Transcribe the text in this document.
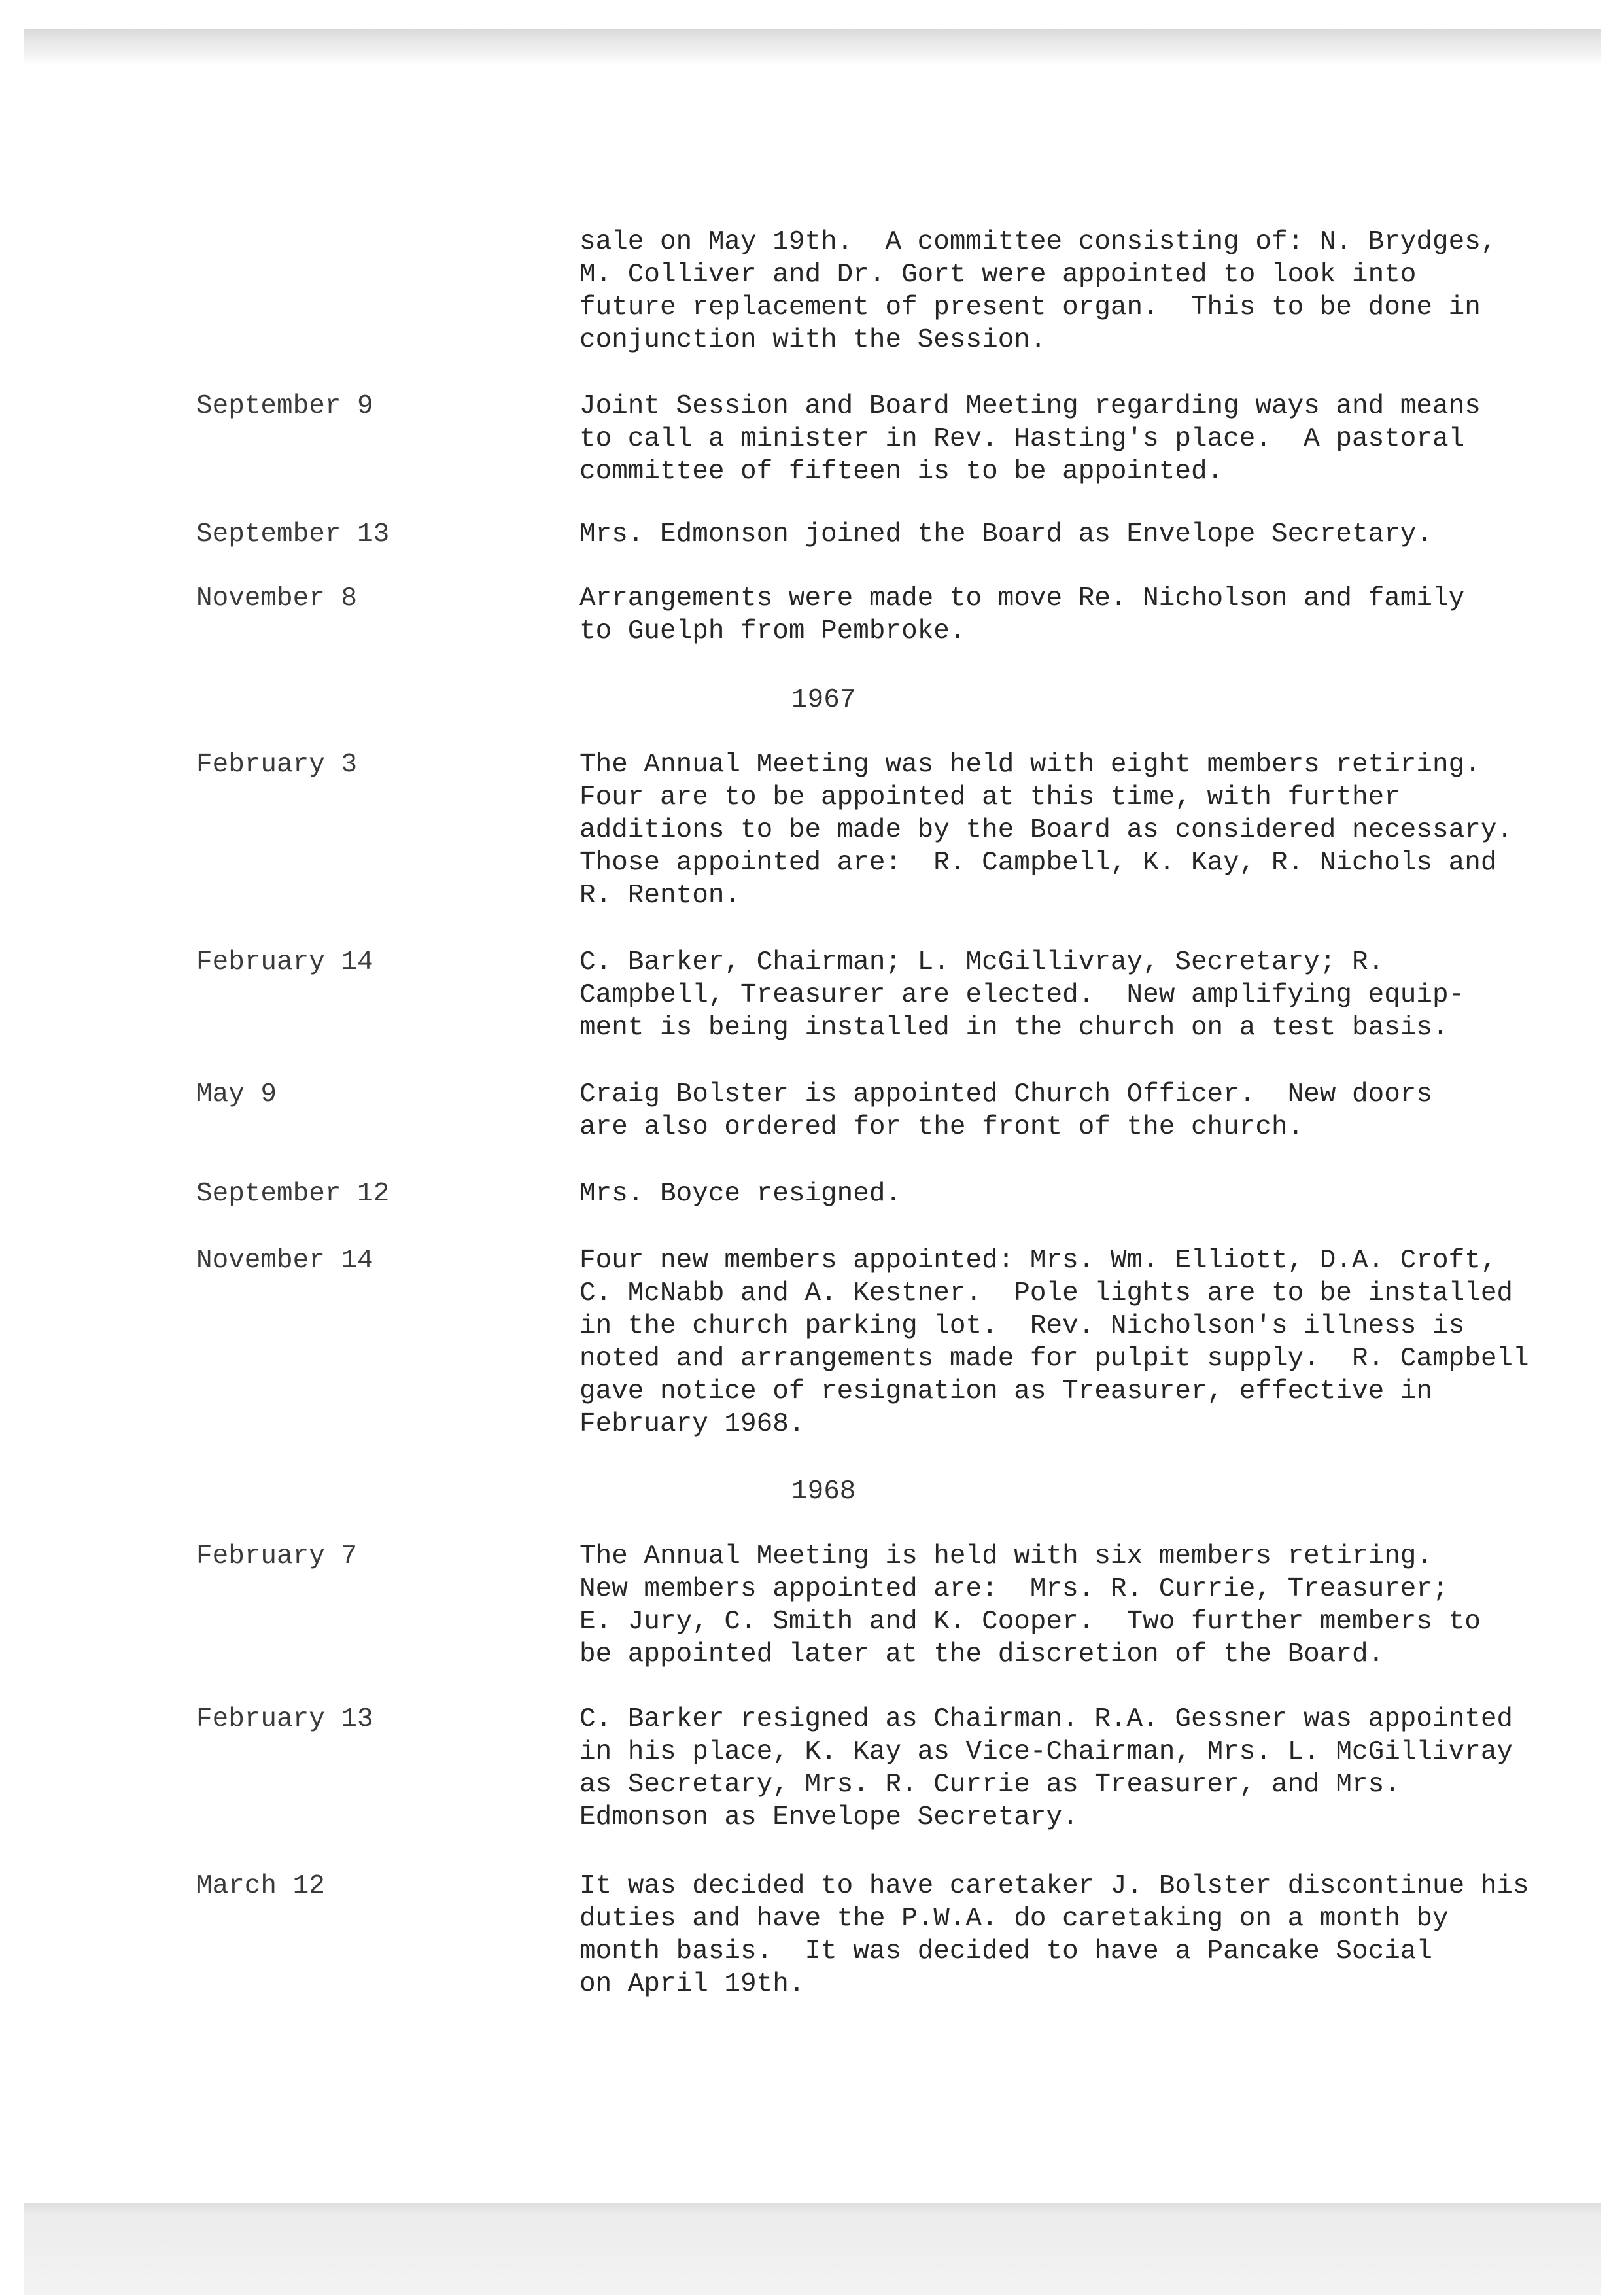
sale on May 19th.  A committee consisting of: N. Brydges,
M. Colliver and Dr. Gort were appointed to look into
future replacement of present organ.  This to be done in
conjunction with the Session.
September 9	Joint Session and Board Meeting regarding ways and means
to call a minister in Rev. Hasting's place.  A pastoral
committee of fifteen is to be appointed.
September 13	Mrs. Edmonson joined the Board as Envelope Secretary.
November 8	Arrangements were made to move Re. Nicholson and family
to Guelph from Pembroke.
1967
February 3	The Annual Meeting was held with eight members retiring.
Four are to be appointed at this time, with further
additions to be made by the Board as considered necessary.
Those appointed are:  R. Campbell, K. Kay, R. Nichols and
R. Renton.
February 14	C. Barker, Chairman; L. McGillivray, Secretary; R.
Campbell, Treasurer are elected.  New amplifying equip-
ment is being installed in the church on a test basis.
May 9	Craig Bolster is appointed Church Officer.  New doors
are also ordered for the front of the church.
September 12	Mrs. Boyce resigned.
November 14	Four new members appointed: Mrs. Wm. Elliott, D.A. Croft,
C. McNabb and A. Kestner.  Pole lights are to be installed
in the church parking lot.  Rev. Nicholson's illness is
noted and arrangements made for pulpit supply.  R. Campbell
gave notice of resignation as Treasurer, effective in
February 1968.
1968
February 7	The Annual Meeting is held with six members retiring.
New members appointed are:  Mrs. R. Currie, Treasurer;
E. Jury, C. Smith and K. Cooper.  Two further members to
be appointed later at the discretion of the Board.
February 13	C. Barker resigned as Chairman. R.A. Gessner was appointed
in his place, K. Kay as Vice-Chairman, Mrs. L. McGillivray
as Secretary, Mrs. R. Currie as Treasurer, and Mrs.
Edmonson as Envelope Secretary.
March 12	It was decided to have caretaker J. Bolster discontinue his
duties and have the P.W.A. do caretaking on a month by
month basis.  It was decided to have a Pancake Social
on April 19th.
